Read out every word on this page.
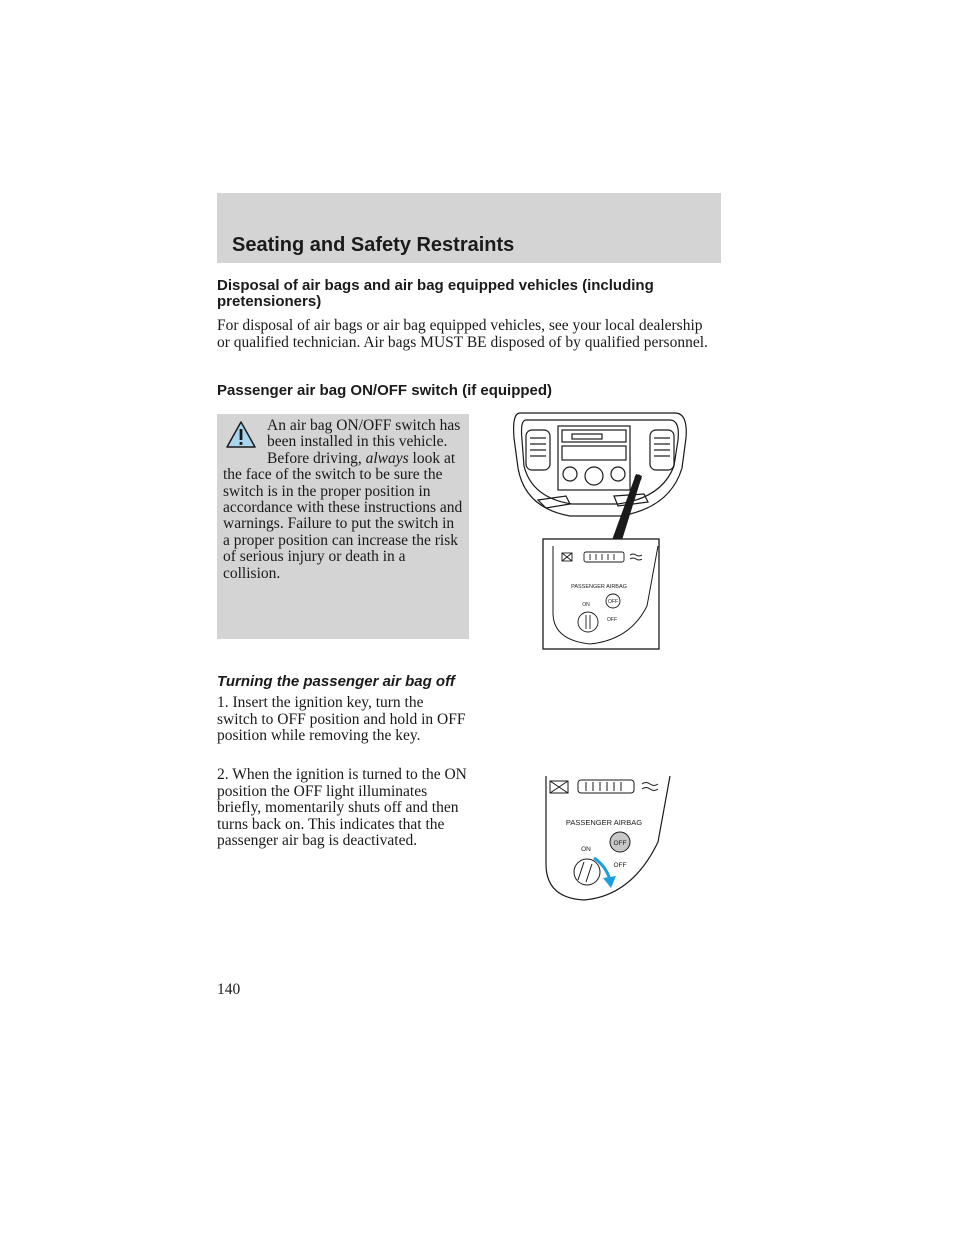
Seating and Safety Restraints
Disposal of air bags and air bag equipped vehicles (including pretensioners)

For disposal of air bags or air bag equipped vehicles, see your local dealership or qualified technician. Air bags MUST BE disposed of by qualified personnel.

Passenger air bag ON/OFF switch (if equipped)

An air bag ON/OFF switch has been installed in this vehicle. Before driving, always look at the face of the switch to be sure the switch is in the proper position in accordance with these instructions and warnings. Failure to put the switch in a proper position can increase the risk of serious injury or death in a collision.

PASSENGER AIRBAG
OFF
ON
OFF
Turning the passenger air bag off

1. Insert the ignition key, turn the switch to OFF position and hold in OFF position while removing the key.

2. When the ignition is turned to the ON position the OFF light illuminates briefly, momentarily shuts off and then turns back on. This indicates that the passenger air bag is deactivated.

PASSENGER AIRBAG
OFF
ON
OFF

140
